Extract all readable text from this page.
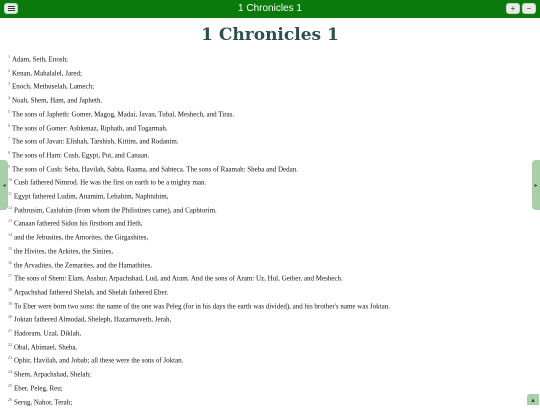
1 Chronicles 1	+	−
1 Chronicles 1
$^1$ Adam, Seth, Enosh;
$^2$ Kenan, Mahalalel, Jared;
$^3$ Enoch, Methuselah, Lamech;
$^4$ Noah, Shem, Ham, and Japheth.
$^5$ The sons of Japheth: Gomer, Magog, Madai, Javan, Tubal, Meshech, and Tiras.
$^6$ The sons of Gomer: Ashkenaz, Riphath, and Togarmah.
$^7$ The sons of Javan: Elishah, Tarshish, Kittim, and Rodanim.
$^8$ The sons of Ham: Cush, Egypt, Put, and Canaan.
$^9$ The sons of Cush: Seba, Havilah, Sabta, Raama, and Sabteca. The sons of Raamah: Sheba and Dedan.
$^{10}$ Cush fathered Nimrod. He was the first on earth to be a mighty man.
$^{11}$ Egypt fathered Ludim, Anamim, Lehabim, Naphtuhim,
$^{12}$ Pathrusim, Casluhim (from whom the Philistines came), and Caphtorim.
$^{13}$ Canaan fathered Sidon his firstborn and Heth,
$^{14}$ and the Jebusites, the Amorites, the Girgashites,
$^{15}$ the Hivites, the Arkites, the Sinites,
$^{16}$ the Arvadites, the Zemarites, and the Hamathites.
$^{17}$ The sons of Shem: Elam, Asshur, Arpachshad, Lud, and Aram. And the sons of Aram: Uz, Hul, Gether, and Meshech.
$^{18}$ Arpachshad fathered Shelah, and Shelah fathered Eber.
$^{19}$ To Eber were born two sons: the name of the one was Peleg (for in his days the earth was divided), and his brother's name was Joktan.
$^{20}$ Joktan fathered Almodad, Sheleph, Hazarmaveth, Jerah,
$^{21}$ Hadoram, Uzal, Diklah,
$^{22}$ Obal, Abimael, Sheba,
$^{23}$ Ophir, Havilah, and Jobab; all these were the sons of Joktan.
$^{24}$ Shem, Arpachshad, Shelah;
$^{25}$ Eber, Peleg, Reu;
$^{26}$ Serug, Nahor, Terah;
◂	▸
▴
